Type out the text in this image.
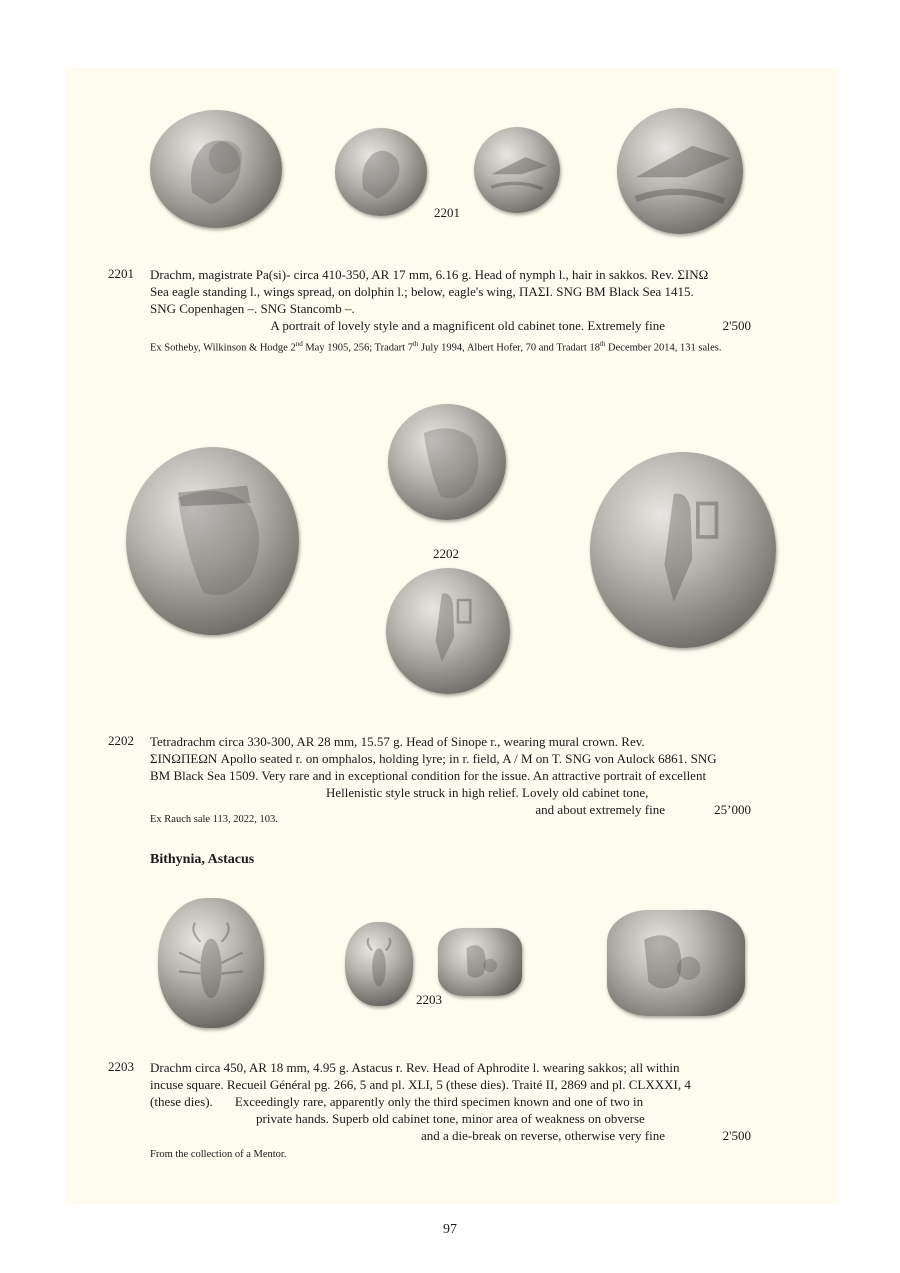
2201
2201 Drachm, magistrate Pa(si)- circa 410-350, AR 17 mm, 6.16 g. Head of nymph l., hair in sakkos. Rev. ΣΙΝΩ
Sea eagle standing l., wings spread, on dolphin l.; below, eagle's wing, ΠΑΣΙ. SNG BM Black Sea 1415.
SNG Copenhagen –. SNG Stancomb –.
A portrait of lovely style and a magnificent old cabinet tone. Extremely fine	2'500
Ex Sotheby, Wilkinson & Hodge 2nd May 1905, 256; Tradart 7th July 1994, Albert Hofer, 70 and Tradart 18th December 2014, 131 sales.
2202
2202 Tetradrachm circa 330-300, AR 28 mm, 15.57 g. Head of Sinope r., wearing mural crown. Rev.
ΣΙΝΩΠΕΩΝ Apollo seated r. on omphalos, holding lyre; in r. field, A / M on T. SNG von Aulock 6861. SNG
BM Black Sea 1509. Very rare and in exceptional condition for the issue. An attractive portrait of excellent
Hellenistic style struck in high relief. Lovely old cabinet tone,
and about extremely fine	25’000
Ex Rauch sale 113, 2022, 103.
Bithynia, Astacus
2203
2203 Drachm circa 450, AR 18 mm, 4.95 g. Astacus r. Rev. Head of Aphrodite l. wearing sakkos; all within
incuse square. Recueil Général pg. 266, 5 and pl. XLI, 5 (these dies). Traité II, 2869 and pl. CLXXXI, 4
(these dies). Exceedingly rare, apparently only the third specimen known and one of two in
private hands. Superb old cabinet tone, minor area of weakness on obverse
and a die-break on reverse, otherwise very fine	2'500
From the collection of a Mentor.
97
